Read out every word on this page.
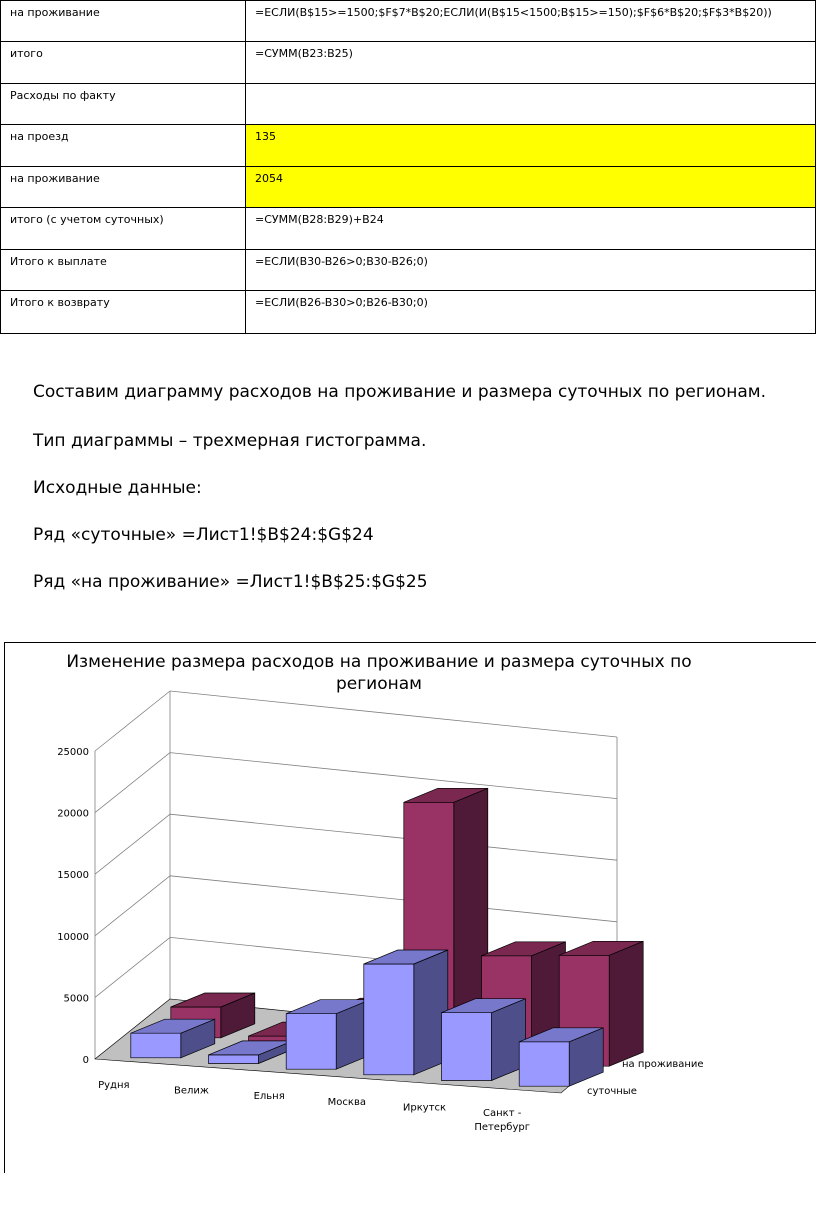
на проживание	=ЕСЛИ(B$15>=1500;$F$7*B$20;ЕСЛИ(И(B$15<1500;B$15>=150);$F$6*B$20;$F$3*B$20))
итого	=СУММ(B23:B25)
Расходы по факту	
на проезд	135
на проживание	2054
итого (с учетом суточных)	=СУММ(B28:B29)+B24
Итого к выплате	=ЕСЛИ(B30-B26>0;B30-B26;0)
Итого к возврату	=ЕСЛИ(B26-B30>0;B26-B30;0)

Составим диаграмму расходов на проживание и размера суточных по регионам.

Тип диаграммы – трехмерная гистограмма.

Исходные данные:

Ряд «суточные» =Лист1!$B$24:$G$24

Ряд «на проживание» =Лист1!$B$25:$G$25

Изменение размера расходов на проживание и размера суточных по регионам
0
5000
10000
15000
20000
25000
Рудня
Велиж
Ельня
Москва
Иркутск
Санкт -
Петербург
суточные
на проживание
